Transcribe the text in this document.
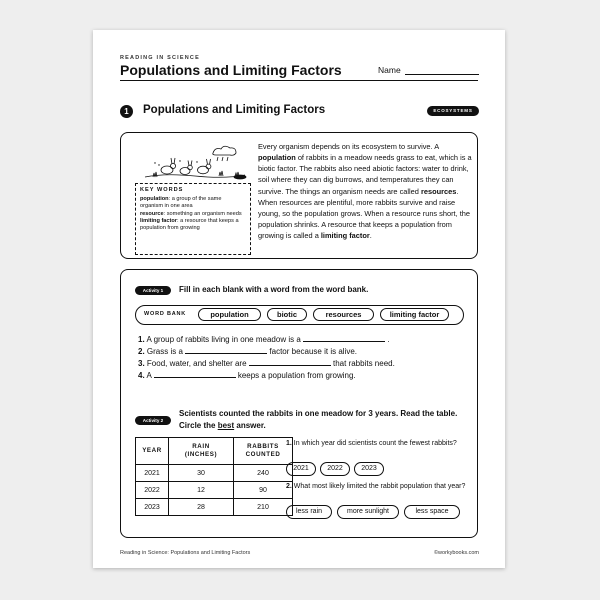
READING IN SCIENCE
Populations and Limiting Factors	Name
1	Populations and Limiting Factors	ECOSYSTEMS
KEY WORDS
population: a group of the same organism in one area
resource: something an organism needs
limiting factor: a resource that keeps a population from growing
Every organism depends on its ecosystem to survive. A population of rabbits in a meadow needs grass to eat, which is a biotic factor. The rabbits also need abiotic factors: water to drink, soil where they can dig burrows, and temperatures they can survive. The things an organism needs are called resources. When resources are plentiful, more rabbits survive and raise young, so the population grows. When a resource runs short, the population shrinks. A resource that keeps a population from growing is called a limiting factor.
Activity 1	Fill in each blank with a word from the word bank.
WORD BANK	population	biotic	resources	limiting factor
1. A group of rabbits living in one meadow is a	.
2. Grass is a	factor because it is alive.
3. Food, water, and shelter are	that rabbits need.
4. A	keeps a population from growing.
Activity 2
Scientists counted the rabbits in one meadow for 3 years. Read the table. Circle the best answer.
YEAR	RAIN (INCHES)	RABBITS COUNTED
2021	30	240
2022	12	90
2023	28	210
1. In which year did scientists count the fewest rabbits?
2021	2022	2023
2. What most likely limited the rabbit population that year?
less rain	more sunlight	less space
Reading in Science: Populations and Limiting Factors	©workybooks.com
